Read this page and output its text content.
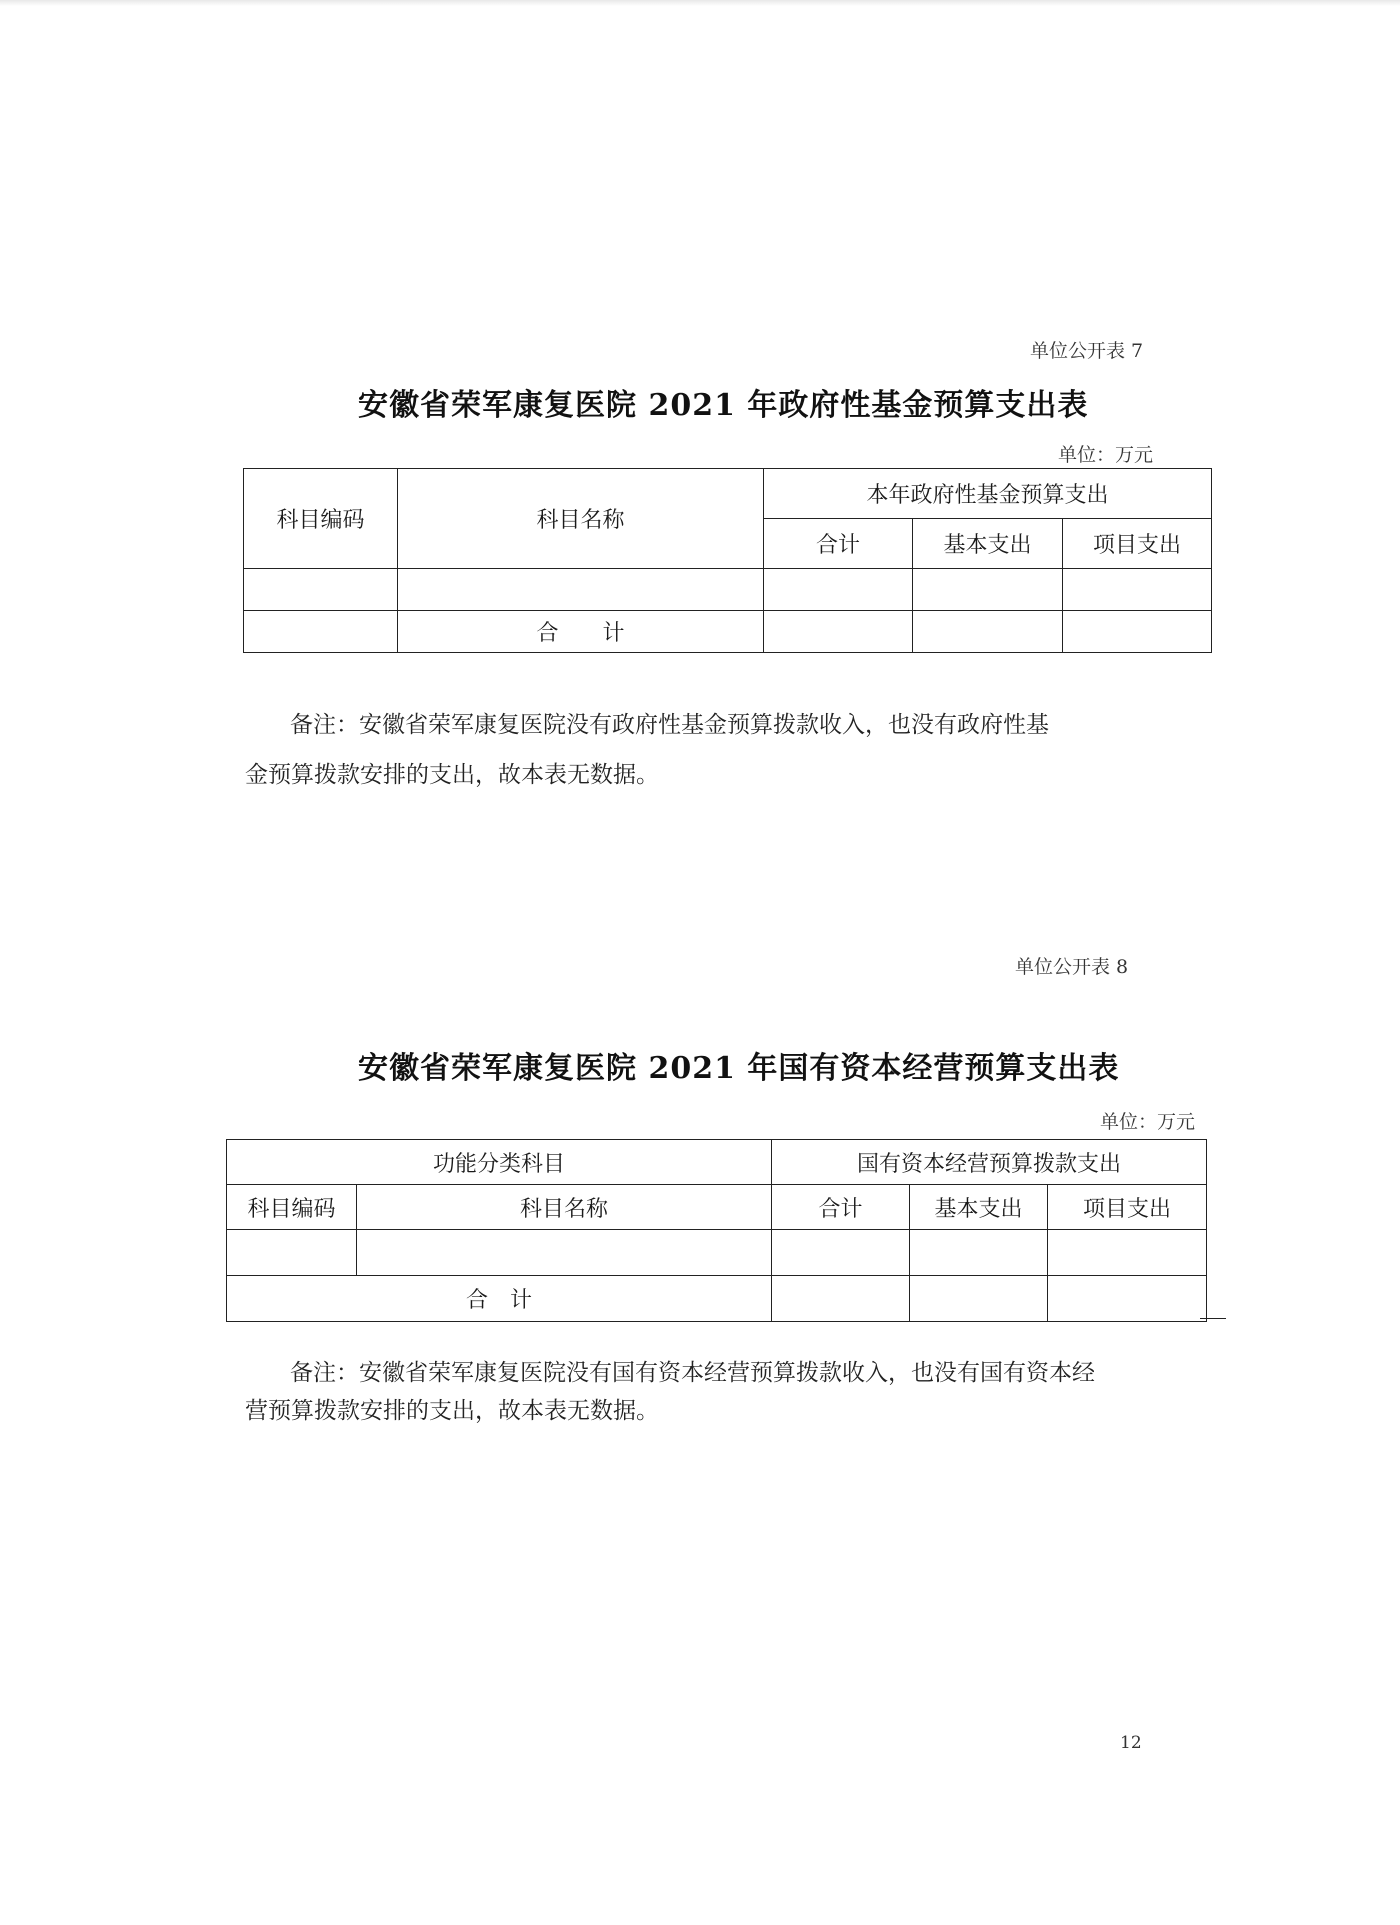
单位公开表 7
安徽省荣军康复医院 2021 年政府性基金预算支出表
单位：万元
科目编码	科目名称	本年政府性基金预算支出		
		合计	基本支出	项目支出

	合　　计			

备注：安徽省荣军康复医院没有政府性基金预算拨款收入，也没有政府性基

金预算拨款安排的支出，故本表无数据。

单位公开表 8
安徽省荣军康复医院 2021 年国有资本经营预算支出表
单位：万元
功能分类科目		国有资本经营预算拨款支出		
科目编码	科目名称	合计	基本支出	项目支出

合　计				

备注：安徽省荣军康复医院没有国有资本经营预算拨款收入，也没有国有资本经

营预算拨款安排的支出，故本表无数据。

12
